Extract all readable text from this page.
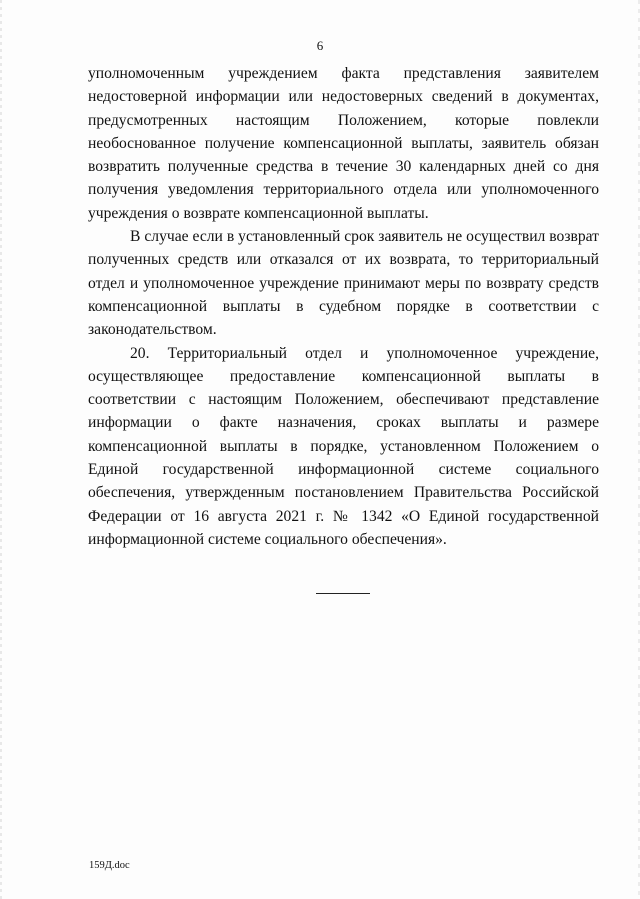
6

уполномоченным учреждением факта представления заявителем недостоверной информации или недостоверных сведений в документах, предусмотренных настоящим Положением, которые повлекли необоснованное получение компенсационной выплаты, заявитель обязан возвратить полученные средства в течение 30 календарных дней со дня получения уведомления территориального отдела или уполномоченного учреждения о возврате компенсационной выплаты.

В случае если в установленный срок заявитель не осуществил возврат полученных средств или отказался от их возврата, то территориальный отдел и уполномоченное учреждение принимают меры по возврату средств компенсационной выплаты в судебном порядке в соответствии с законодательством.

20. Территориальный отдел и уполномоченное учреждение, осуществляющее предоставление компенсационной выплаты в соответствии с настоящим Положением, обеспечивают представление информации о факте назначения, сроках выплаты и размере компенсационной выплаты в порядке, установленном Положением о Единой государственной информационной системе социального обеспечения, утвержденным постановлением Правительства Российской Федерации от 16 августа 2021 г. № 1342 «О Единой государственной информационной системе социального обеспечения».

159Д.doc
